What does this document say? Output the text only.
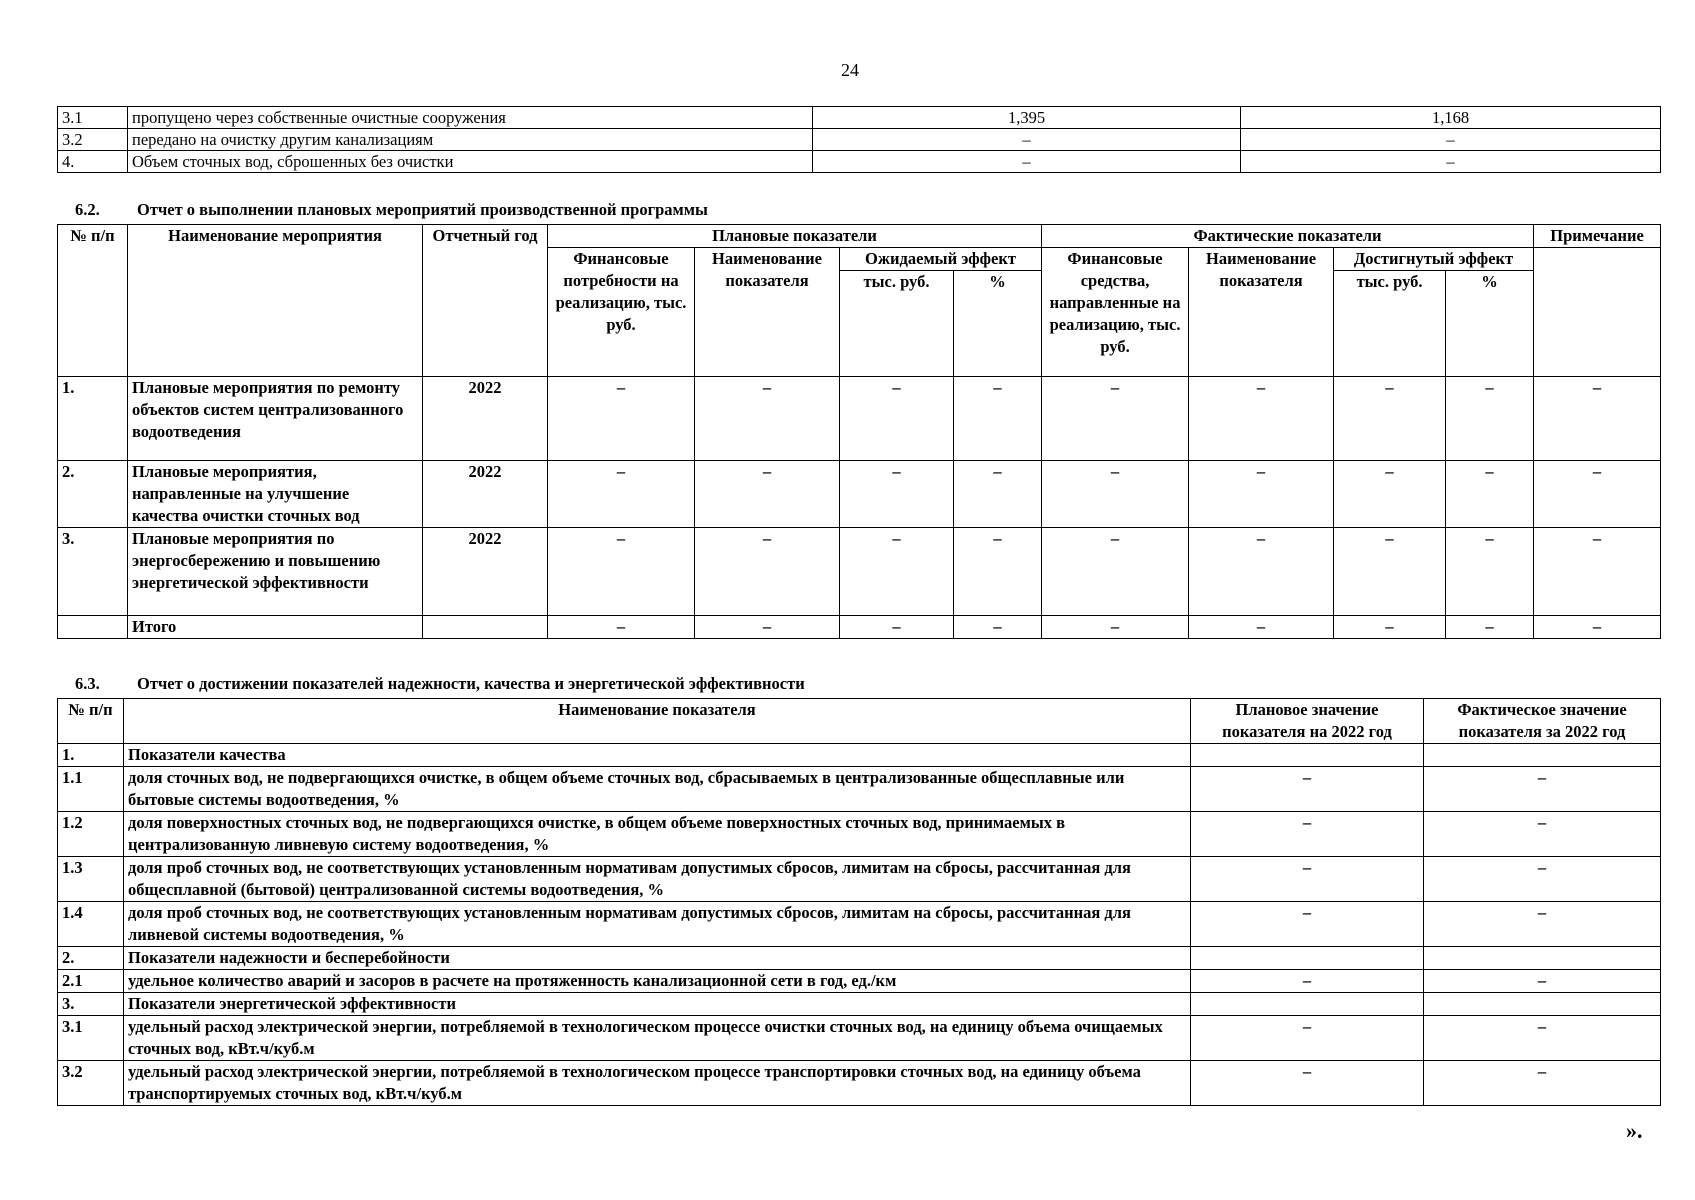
24
3.1	пропущено через собственные очистные сооружения	1,395	1,168
3.2	передано на очистку другим канализациям	–	–
4.	Объем сточных вод, сброшенных без очистки	–	–
6.2. Отчет о выполнении плановых мероприятий производственной программы
№ п/п	Наименование мероприятия	Отчетный год	Плановые показатели				Фактические показатели				Примечание
			Финансовые потребности на реализацию, тыс. руб.	Наименование показателя	Ожидаемый эффект		Финансовые средства, направленные на реализацию, тыс. руб.	Наименование показателя	Достигнутый эффект		
					тыс. руб.	%			тыс. руб.	%	
1.	Плановые мероприятия по ремонту объектов систем централизованного водоотведения	2022	–	–	–	–	–	–	–	–	–
2.	Плановые мероприятия, направленные на улучшение качества очистки сточных вод	2022	–	–	–	–	–	–	–	–	–
3.	Плановые мероприятия по энергосбережению и повышению энергетической эффективности	2022	–	–	–	–	–	–	–	–	–
	Итого		–	–	–	–	–	–	–	–	–
6.3. Отчет о достижении показателей надежности, качества и энергетической эффективности
№ п/п	Наименование показателя	Плановое значение показателя на 2022 год	Фактическое значение показателя за 2022 год
1.	Показатели качества		
1.1	доля сточных вод, не подвергающихся очистке, в общем объеме сточных вод, сбрасываемых в централизованные общесплавные или бытовые системы водоотведения, %	–	–
1.2	доля поверхностных сточных вод, не подвергающихся очистке, в общем объеме поверхностных сточных вод, принимаемых в централизованную ливневую систему водоотведения, %	–	–
1.3	доля проб сточных вод, не соответствующих установленным нормативам допустимых сбросов, лимитам на сбросы, рассчитанная для общесплавной (бытовой) централизованной системы водоотведения, %	–	–
1.4	доля проб сточных вод, не соответствующих установленным нормативам допустимых сбросов, лимитам на сбросы, рассчитанная для ливневой системы водоотведения, %	–	–
2.	Показатели надежности и бесперебойности		
2.1	удельное количество аварий и засоров в расчете на протяженность канализационной сети в год, ед./км	–	–
3.	Показатели энергетической эффективности		
3.1	удельный расход электрической энергии, потребляемой в технологическом процессе очистки сточных вод, на единицу объема очищаемых сточных вод, кВт.ч/куб.м	–	–
3.2	удельный расход электрической энергии, потребляемой в технологическом процессе транспортировки сточных вод, на единицу объема транспортируемых сточных вод, кВт.ч/куб.м	–	–
».
